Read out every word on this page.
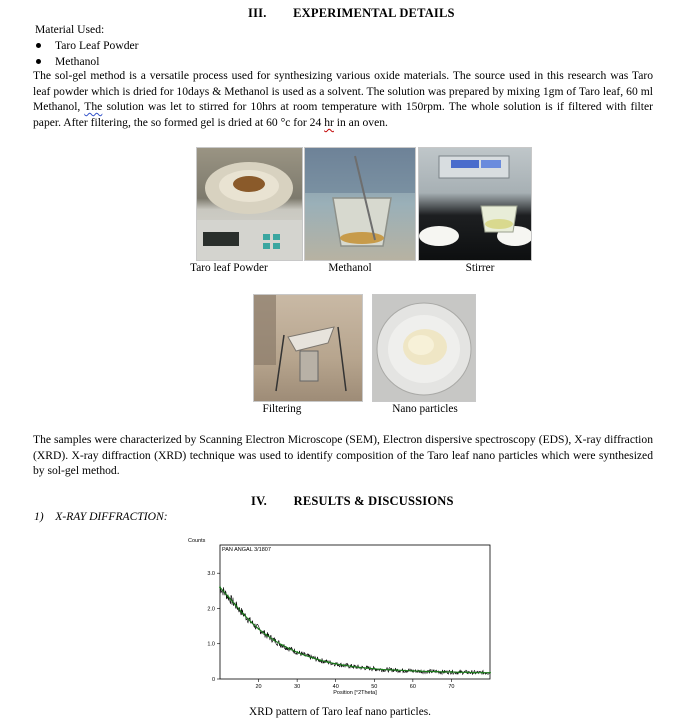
III.        EXPERIMENTAL DETAILS
Material Used:
Taro Leaf Powder
Methanol
The sol-gel method is a versatile process used for synthesizing various oxide materials. The source used in this research was Taro leaf powder which is dried for 10days & Methanol is used as a solvent. The solution was prepared by mixing 1gm of Taro leaf, 60 ml Methanol, The solution was let to stirred for 10hrs at room temperature with 150rpm. The whole solution is if filtered with filter paper. After filtering, the so formed gel is dried at 60 °c for 24 hr in an oven.
Taro leaf Powder	Methanol	Stirrer
Filtering	Nano particles
The samples were characterized by Scanning Electron Microscope (SEM), Electron dispersive spectroscopy (EDS), X-ray diffraction (XRD). X-ray diffraction (XRD) technique was used to identify composition of the Taro leaf nano particles which were synthesized by sol-gel method.
IV.        RESULTS & DISCUSSIONS
1)    X-RAY DIFFRACTION:
Counts
PAN ANGAL 3/1807
0
1.0
2.0
3.0
20	30	40	50	60	70
Position [°2Theta]
XRD pattern of Taro leaf nano particles.
